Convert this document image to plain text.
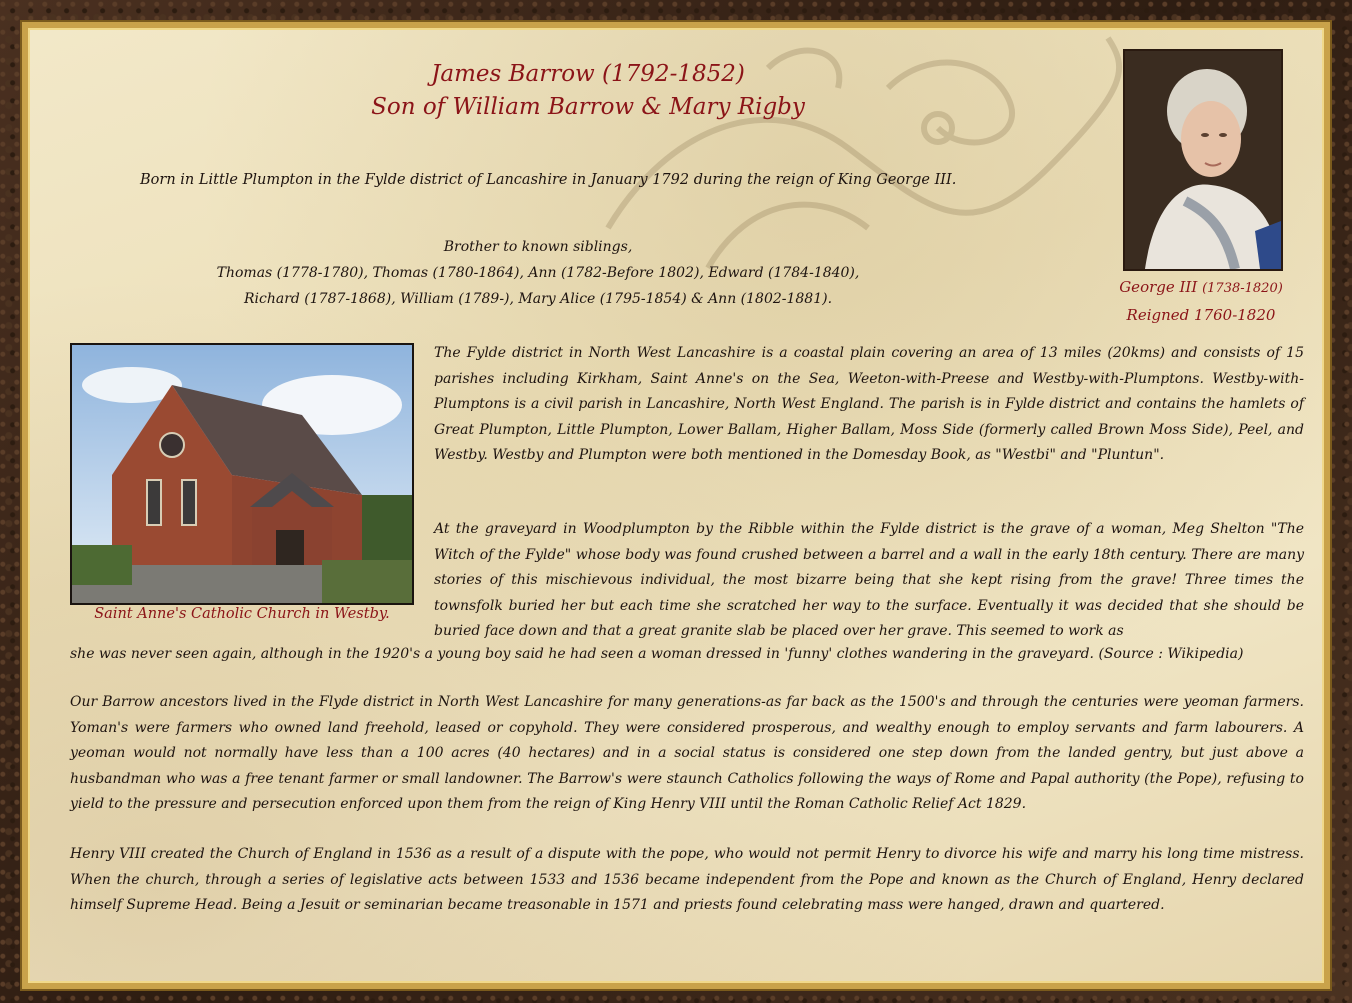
James Barrow (1792-1852)
Son of William Barrow & Mary Rigby
Born in Little Plumpton in the Fylde district of Lancashire in January 1792 during the reign of King George III.
Brother to known siblings,
Thomas (1778-1780), Thomas (1780-1864), Ann (1782-Before 1802), Edward (1784-1840),
Richard (1787-1868), William (1789-), Mary Alice (1795-1854) & Ann (1802-1881).
George III (1738-1820)
Reigned 1760-1820
Saint Anne's Catholic Church in Westby.
The Fylde district in North West Lancashire is a coastal plain covering an area of 13 miles (20kms) and consists of 15 parishes including Kirkham, Saint Anne's on the Sea, Weeton-with-Preese and Westby-with-Plumptons. Westby-with-Plumptons is a civil parish in Lancashire, North West England. The parish is in Fylde district and contains the hamlets of Great Plumpton, Little Plumpton, Lower Ballam, Higher Ballam, Moss Side (formerly called Brown Moss Side), Peel, and Westby. Westby and Plumpton were both mentioned in the Domesday Book, as "Westbi" and "Pluntun".
At the graveyard in Woodplumpton by the Ribble within the Fylde district is the grave of a woman, Meg Shelton "The Witch of the Fylde" whose body was found crushed between a barrel and a wall in the early 18th century. There are many stories of this mischievous individual, the most bizarre being that she kept rising from the grave! Three times the townsfolk buried her but each time she scratched her way to the surface. Eventually it was decided that she should be buried face down and that a great granite slab be placed over her grave. This seemed to work as
she was never seen again, although in the 1920's a young boy said he had seen a woman dressed in 'funny' clothes wandering in the graveyard. (Source : Wikipedia)
Our Barrow ancestors lived in the Flyde district in North West Lancashire for many generations-as far back as the 1500's and through the centuries were yeoman farmers. Yoman's were farmers who owned land freehold, leased or copyhold. They were considered prosperous, and wealthy enough to employ servants and farm labourers. A yeoman would not normally have less than a 100 acres (40 hectares) and in a social status is considered one step down from the landed gentry, but just above a husbandman who was a free tenant farmer or small landowner. The Barrow's were staunch Catholics following the ways of Rome and Papal authority (the Pope), refusing to yield to the pressure and persecution enforced upon them from the reign of King Henry VIII until the Roman Catholic Relief Act 1829.
Henry VIII created the Church of England in 1536 as a result of a dispute with the pope, who would not permit Henry to divorce his wife and marry his long time mistress. When the church, through a series of legislative acts between 1533 and 1536 became independent from the Pope and known as the Church of England, Henry declared himself Supreme Head. Being a Jesuit or seminarian became treasonable in 1571 and priests found celebrating mass were hanged, drawn and quartered.
